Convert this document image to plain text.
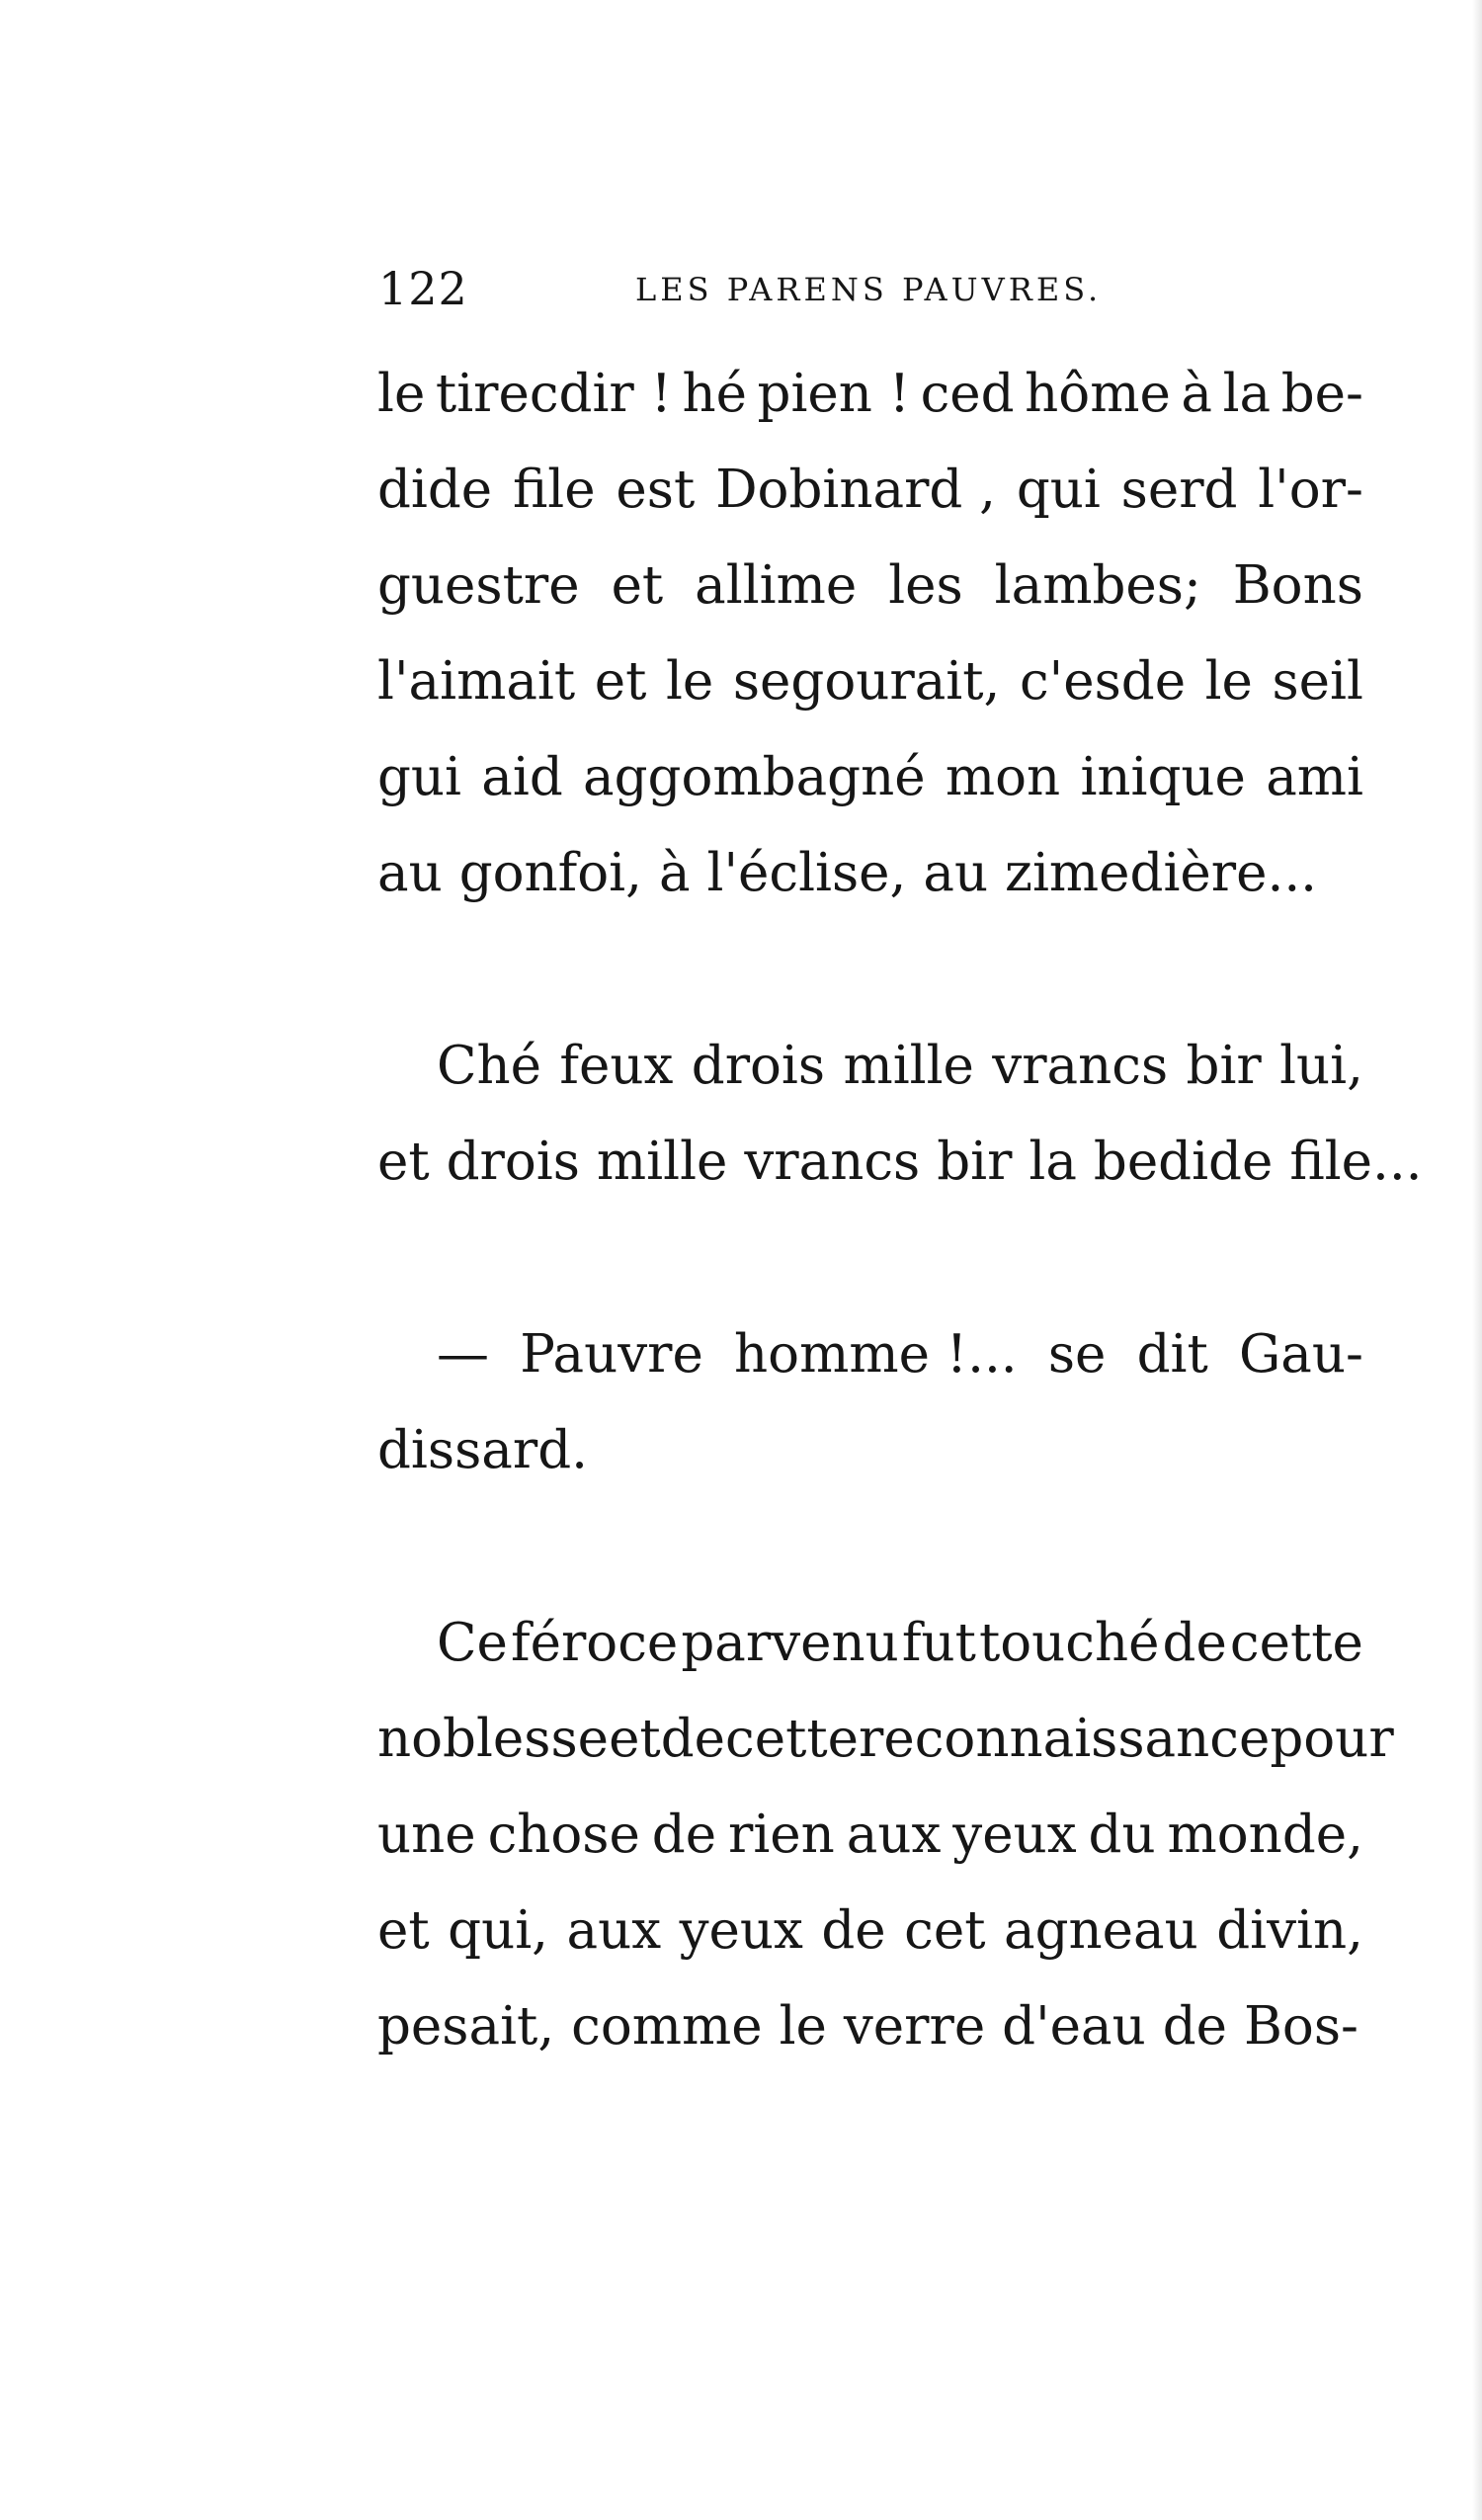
122	LES PARENS PAUVRES.
le tirecdir ! hé pien ! ced hôme à la be-
dide file est Dobinard , qui serd l'or-
guestre et allime les lambes; Bons
l'aimait et le segourait, c'esde le seil
gui aid aggombagné mon inique ami
au gonfoi, à l'éclise, au zimedière...
Ché feux drois mille vrancs bir lui,
et drois mille vrancs bir la bedide file...
— Pauvre homme !... se dit Gau-
dissard.
Ce féroce parvenu fut touché de cette
noblesse et de cette reconnaissance pour
une chose de rien aux yeux du monde,
et qui, aux yeux de cet agneau divin,
pesait, comme le verre d'eau de Bos-
